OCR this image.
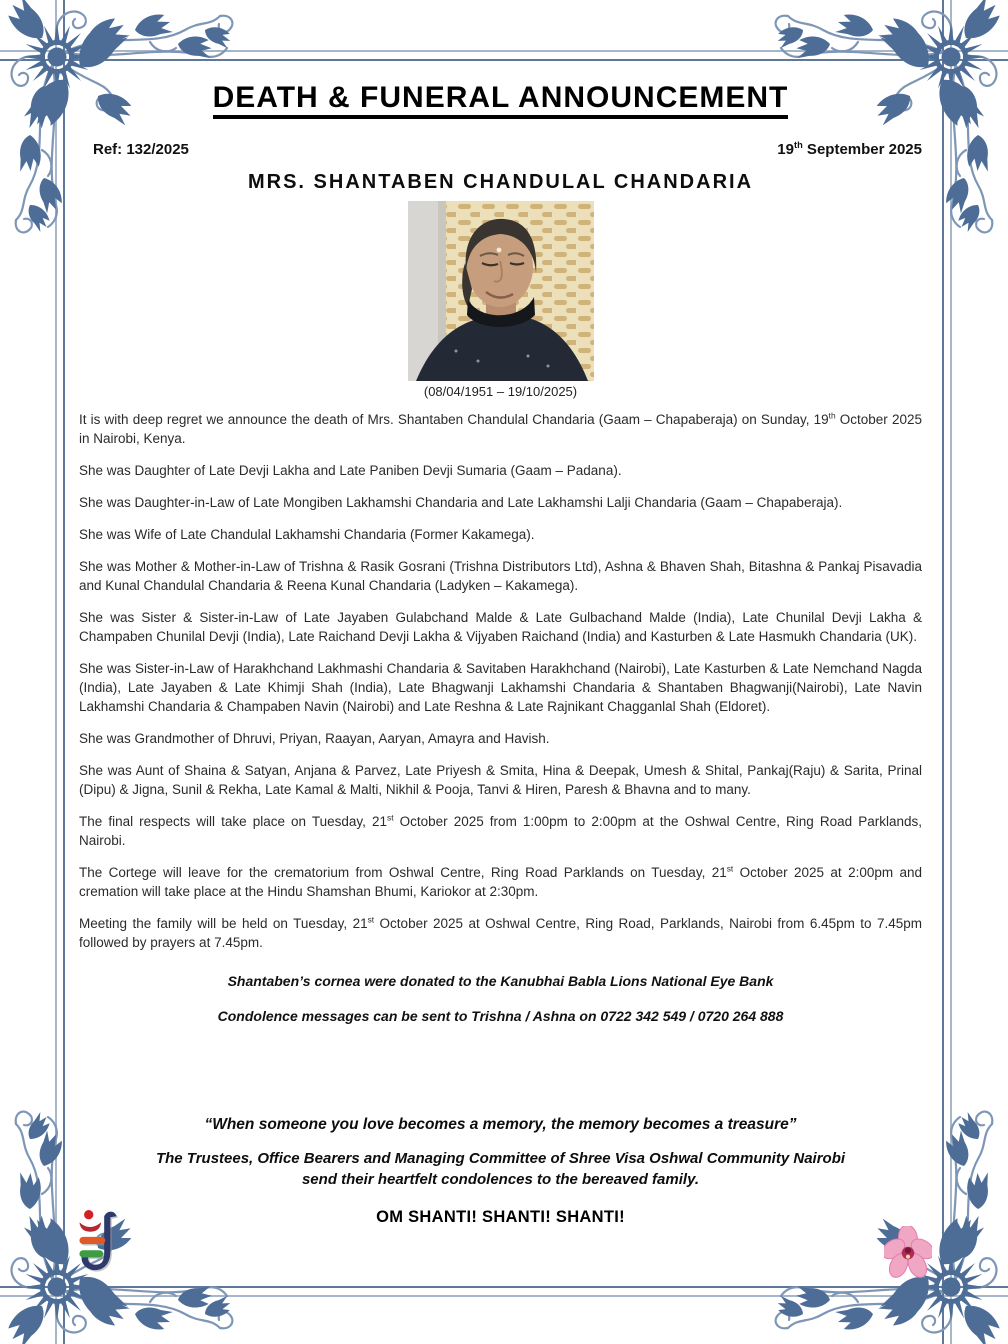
DEATH & FUNERAL ANNOUNCEMENT
Ref: 132/2025	19th September 2025
MRS. SHANTABEN CHANDULAL CHANDARIA
(08/04/1951 – 19/10/2025)

It is with deep regret we announce the death of Mrs. Shantaben Chandulal Chandaria (Gaam – Chapaberaja) on Sunday, 19th October 2025 in Nairobi, Kenya.

She was Daughter of Late Devji Lakha and Late Paniben Devji Sumaria (Gaam – Padana).

She was Daughter-in-Law of Late Mongiben Lakhamshi Chandaria and Late Lakhamshi Lalji Chandaria (Gaam – Chapaberaja).

She was Wife of Late Chandulal Lakhamshi Chandaria (Former Kakamega).

She was Mother & Mother-in-Law of Trishna & Rasik Gosrani (Trishna Distributors Ltd), Ashna & Bhaven Shah, Bitashna & Pankaj Pisavadia and Kunal Chandulal Chandaria & Reena Kunal Chandaria (Ladyken – Kakamega).

She was Sister & Sister-in-Law of Late Jayaben Gulabchand Malde & Late Gulbachand Malde (India), Late Chunilal Devji Lakha & Champaben Chunilal Devji (India), Late Raichand Devji Lakha & Vijyaben Raichand (India) and Kasturben & Late Hasmukh Chandaria (UK).

She was Sister-in-Law of Harakhchand Lakhmashi Chandaria & Savitaben Harakhchand (Nairobi), Late Kasturben & Late Nemchand Nagda (India), Late Jayaben & Late Khimji Shah (India), Late Bhagwanji Lakhamshi Chandaria & Shantaben Bhagwanji(Nairobi), Late Navin Lakhamshi Chandaria & Champaben Navin (Nairobi) and Late Reshna & Late Rajnikant Chagganlal Shah (Eldoret).

She was Grandmother of Dhruvi, Priyan, Raayan, Aaryan, Amayra and Havish.

She was Aunt of Shaina & Satyan, Anjana & Parvez, Late Priyesh & Smita, Hina & Deepak, Umesh & Shital, Pankaj(Raju) & Sarita, Prinal (Dipu) & Jigna, Sunil & Rekha, Late Kamal & Malti, Nikhil & Pooja, Tanvi & Hiren, Paresh & Bhavna and to many.

The final respects will take place on Tuesday, 21st October 2025 from 1:00pm to 2:00pm at the Oshwal Centre, Ring Road Parklands, Nairobi.

The Cortege will leave for the crematorium from Oshwal Centre, Ring Road Parklands on Tuesday, 21st October 2025 at 2:00pm and cremation will take place at the Hindu Shamshan Bhumi, Kariokor at 2:30pm.

Meeting the family will be held on Tuesday, 21st October 2025 at Oshwal Centre, Ring Road, Parklands, Nairobi from 6.45pm to 7.45pm followed by prayers at 7.45pm.

Shantaben’s cornea were donated to the Kanubhai Babla Lions National Eye Bank
Condolence messages can be sent to Trishna / Ashna on 0722 342 549 / 0720 264 888
“When someone you love becomes a memory, the memory becomes a treasure”
The Trustees, Office Bearers and Managing Committee of Shree Visa Oshwal Community Nairobi send their heartfelt condolences to the bereaved family.
OM SHANTI! SHANTI! SHANTI!
